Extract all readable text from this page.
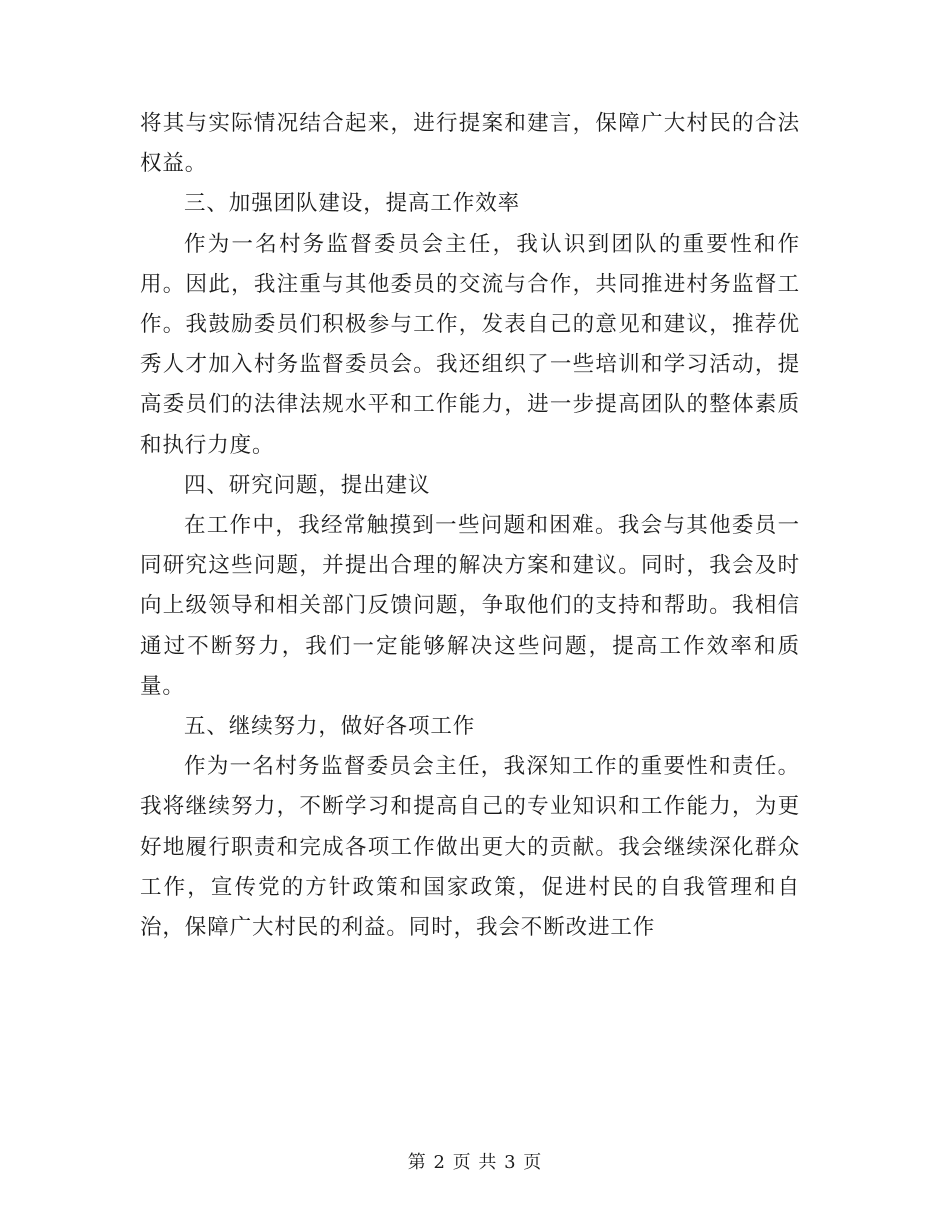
将其与实际情况结合起来，进行提案和建言，保障广大村民的合法权益。

三、加强团队建设，提高工作效率

作为一名村务监督委员会主任，我认识到团队的重要性和作用。因此，我注重与其他委员的交流与合作，共同推进村务监督工作。我鼓励委员们积极参与工作，发表自己的意见和建议，推荐优秀人才加入村务监督委员会。我还组织了一些培训和学习活动，提高委员们的法律法规水平和工作能力，进一步提高团队的整体素质和执行力度。

四、研究问题，提出建议

在工作中，我经常触摸到一些问题和困难。我会与其他委员一同研究这些问题，并提出合理的解决方案和建议。同时，我会及时向上级领导和相关部门反馈问题，争取他们的支持和帮助。我相信通过不断努力，我们一定能够解决这些问题，提高工作效率和质量。

五、继续努力，做好各项工作

作为一名村务监督委员会主任，我深知工作的重要性和责任。我将继续努力，不断学习和提高自己的专业知识和工作能力，为更好地履行职责和完成各项工作做出更大的贡献。我会继续深化群众工作，宣传党的方针政策和国家政策，促进村民的自我管理和自治，保障广大村民的利益。同时，我会不断改进工作

第 2 页 共 3 页
